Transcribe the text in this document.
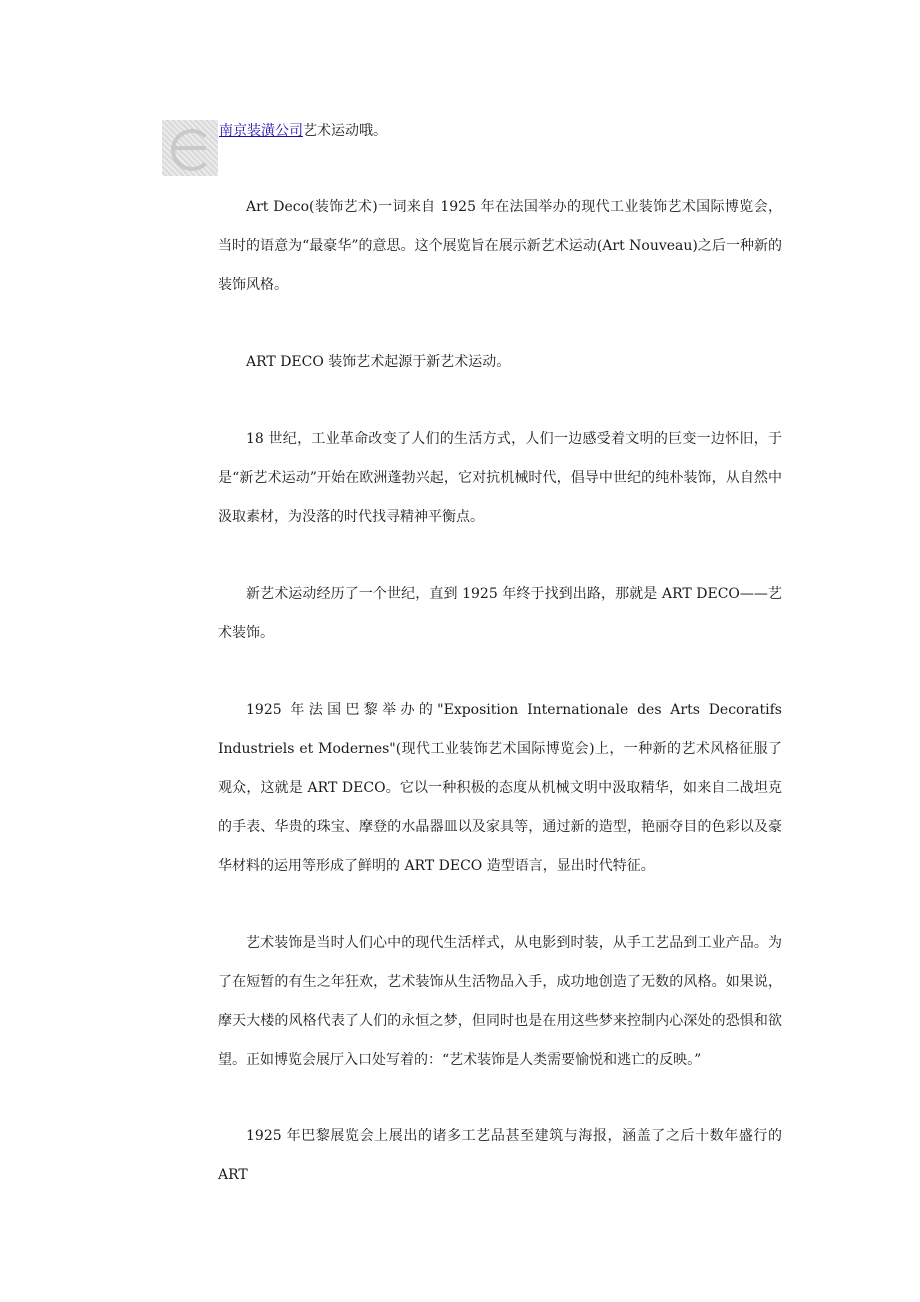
南京装潢公司艺术运动哦。

Art Deco(装饰艺术)一词来自 1925 年在法国举办的现代工业装饰艺术国际博览会，当时的语意为“最豪华”的意思。这个展览旨在展示新艺术运动(Art Nouveau)之后一种新的装饰风格。

ART DECO 装饰艺术起源于新艺术运动。

18 世纪，工业革命改变了人们的生活方式，人们一边感受着文明的巨变一边怀旧，于是“新艺术运动”开始在欧洲蓬勃兴起，它对抗机械时代，倡导中世纪的纯朴装饰，从自然中汲取素材，为没落的时代找寻精神平衡点。

新艺术运动经历了一个世纪，直到 1925 年终于找到出路，那就是 ART DECO——艺术装饰。

1925 年法国巴黎举办的"Exposition Internationale des Arts Decoratifs Industriels et Modernes"(现代工业装饰艺术国际博览会)上，一种新的艺术风格征服了观众，这就是 ART DECO。它以一种积极的态度从机械文明中汲取精华，如来自二战坦克的手表、华贵的珠宝、摩登的水晶器皿以及家具等，通过新的造型，艳丽夺目的色彩以及豪华材料的运用等形成了鲜明的 ART DECO 造型语言，显出时代特征。

艺术装饰是当时人们心中的现代生活样式，从电影到时装，从手工艺品到工业产品。为了在短暂的有生之年狂欢，艺术装饰从生活物品入手，成功地创造了无数的风格。如果说，摩天大楼的风格代表了人们的永恒之梦，但同时也是在用这些梦来控制内心深处的恐惧和欲望。正如博览会展厅入口处写着的：“艺术装饰是人类需要愉悦和逃亡的反映。”

1925 年巴黎展览会上展出的诸多工艺品甚至建筑与海报，涵盖了之后十数年盛行的 ART
